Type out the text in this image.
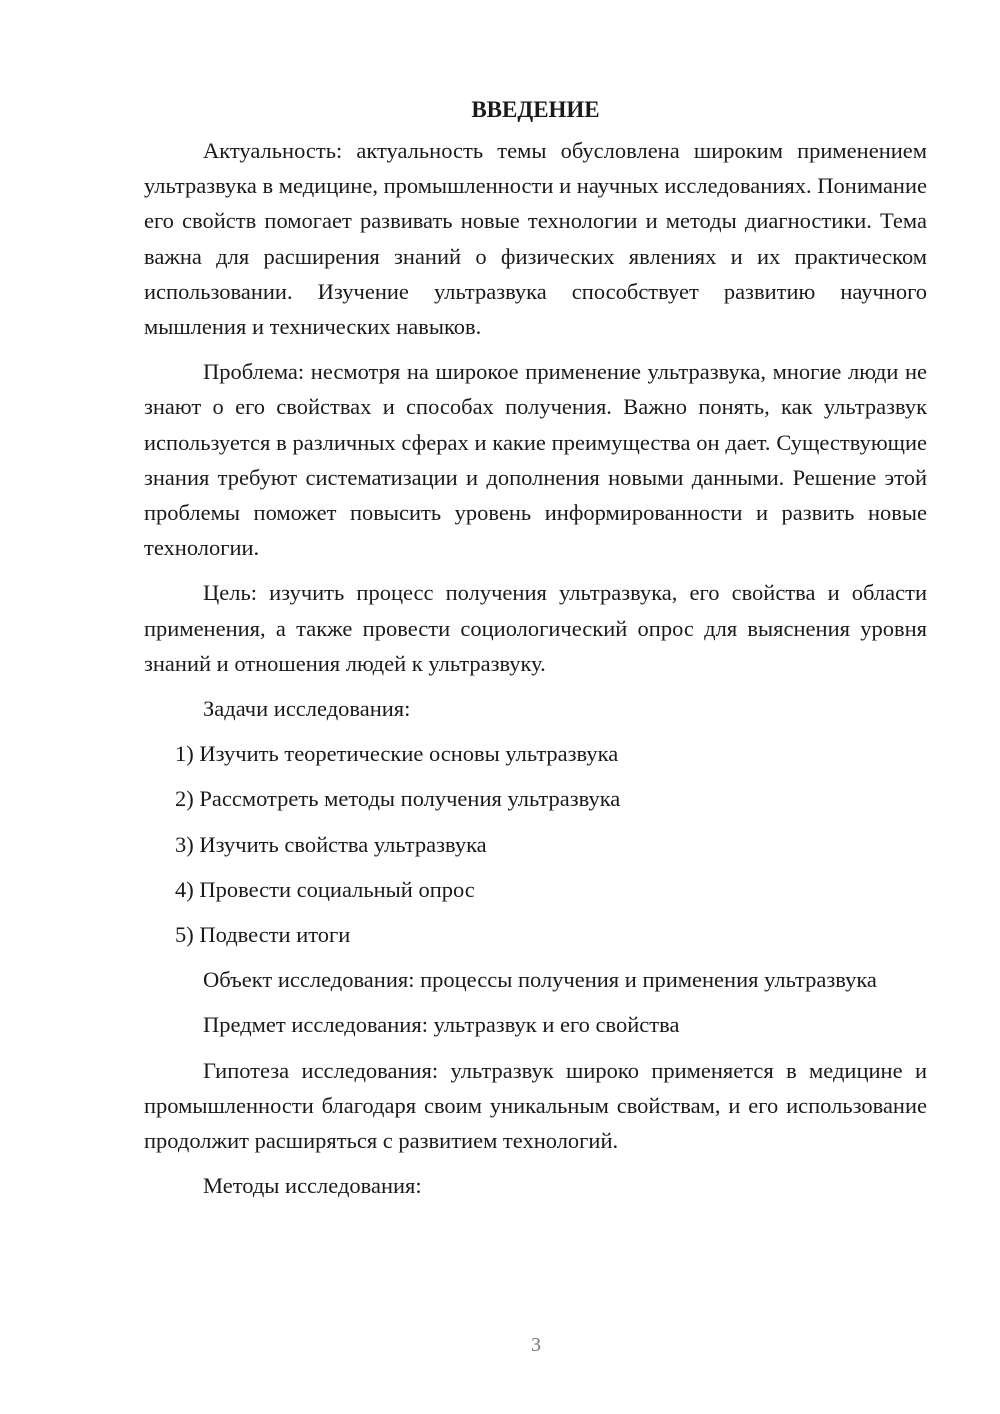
ВВЕДЕНИЕ

Актуальность: актуальность темы обусловлена широким применением ультразвука в медицине, промышленности и научных исследованиях. Понимание его свойств помогает развивать новые технологии и методы диагностики. Тема важна для расширения знаний о физических явлениях и их практическом использовании. Изучение ультразвука способствует развитию научного мышления и технических навыков.

Проблема: несмотря на широкое применение ультразвука, многие люди не знают о его свойствах и способах получения. Важно понять, как ультразвук используется в различных сферах и какие преимущества он дает. Существующие знания требуют систематизации и дополнения новыми данными. Решение этой проблемы поможет повысить уровень информированности и развить новые технологии.

Цель: изучить процесс получения ультразвука, его свойства и области применения, а также провести социологический опрос для выяснения уровня знаний и отношения людей к ультразвуку.

Задачи исследования:

1) Изучить теоретические основы ультразвука

2) Рассмотреть методы получения ультразвука

3) Изучить свойства ультразвука

4) Провести социальный опрос

5) Подвести итоги

Объект исследования: процессы получения и применения ультразвука

Предмет исследования: ультразвук и его свойства

Гипотеза исследования: ультразвук широко применяется в медицине и промышленности благодаря своим уникальным свойствам, и его использование продолжит расширяться с развитием технологий.

Методы исследования:

3
